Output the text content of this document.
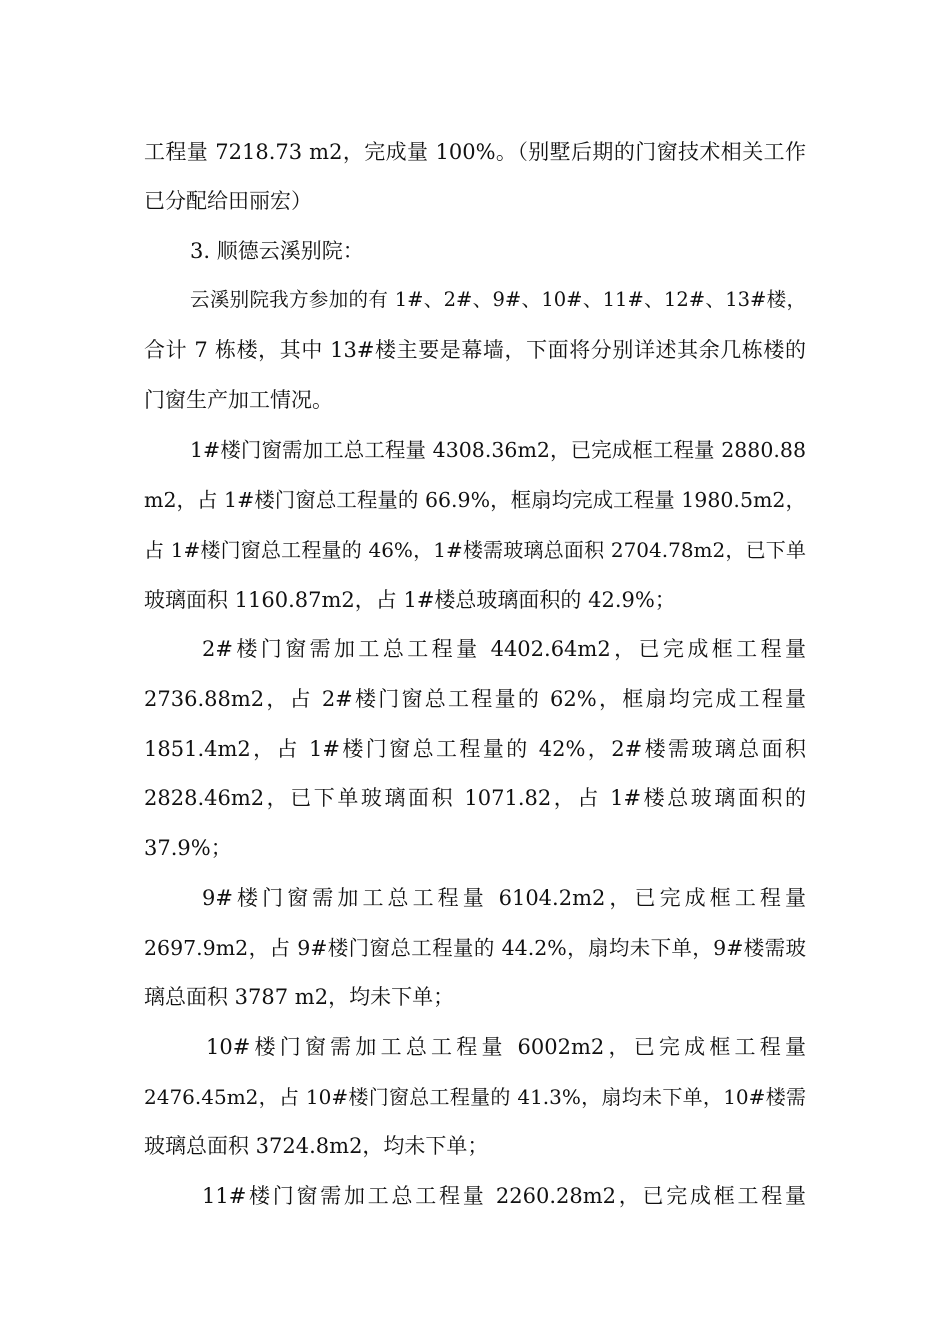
工程量 7218.73 m2，完成量 100%。（别墅后期的门窗技术相关工作
已分配给田丽宏）
3. 顺德云溪别院：
云溪别院我方参加的有 1#、2#、9#、10#、11#、12#、13#楼，
合计 7 栋楼，其中 13#楼主要是幕墙，下面将分别详述其余几栋楼的
门窗生产加工情况。
1#楼门窗需加工总工程量 4308.36m2，已完成框工程量 2880.88
m2，占 1#楼门窗总工程量的 66.9%，框扇均完成工程量 1980.5m2，
占 1#楼门窗总工程量的 46%，1#楼需玻璃总面积 2704.78m2，已下单
玻璃面积 1160.87m2，占 1#楼总玻璃面积的 42.9%；
2#楼门窗需加工总工程量 4402.64m2，已完成框工程量
2736.88m2，占 2#楼门窗总工程量的 62%，框扇均完成工程量
1851.4m2，占 1#楼门窗总工程量的 42%，2#楼需玻璃总面积
2828.46m2，已下单玻璃面积 1071.82，占 1#楼总玻璃面积的
37.9%；
9#楼门窗需加工总工程量 6104.2m2，已完成框工程量
2697.9m2，占 9#楼门窗总工程量的 44.2%，扇均未下单，9#楼需玻
璃总面积 3787 m2，均未下单；
10#楼门窗需加工总工程量 6002m2，已完成框工程量
2476.45m2，占 10#楼门窗总工程量的 41.3%，扇均未下单，10#楼需
玻璃总面积 3724.8m2，均未下单；
11#楼门窗需加工总工程量 2260.28m2，已完成框工程量
